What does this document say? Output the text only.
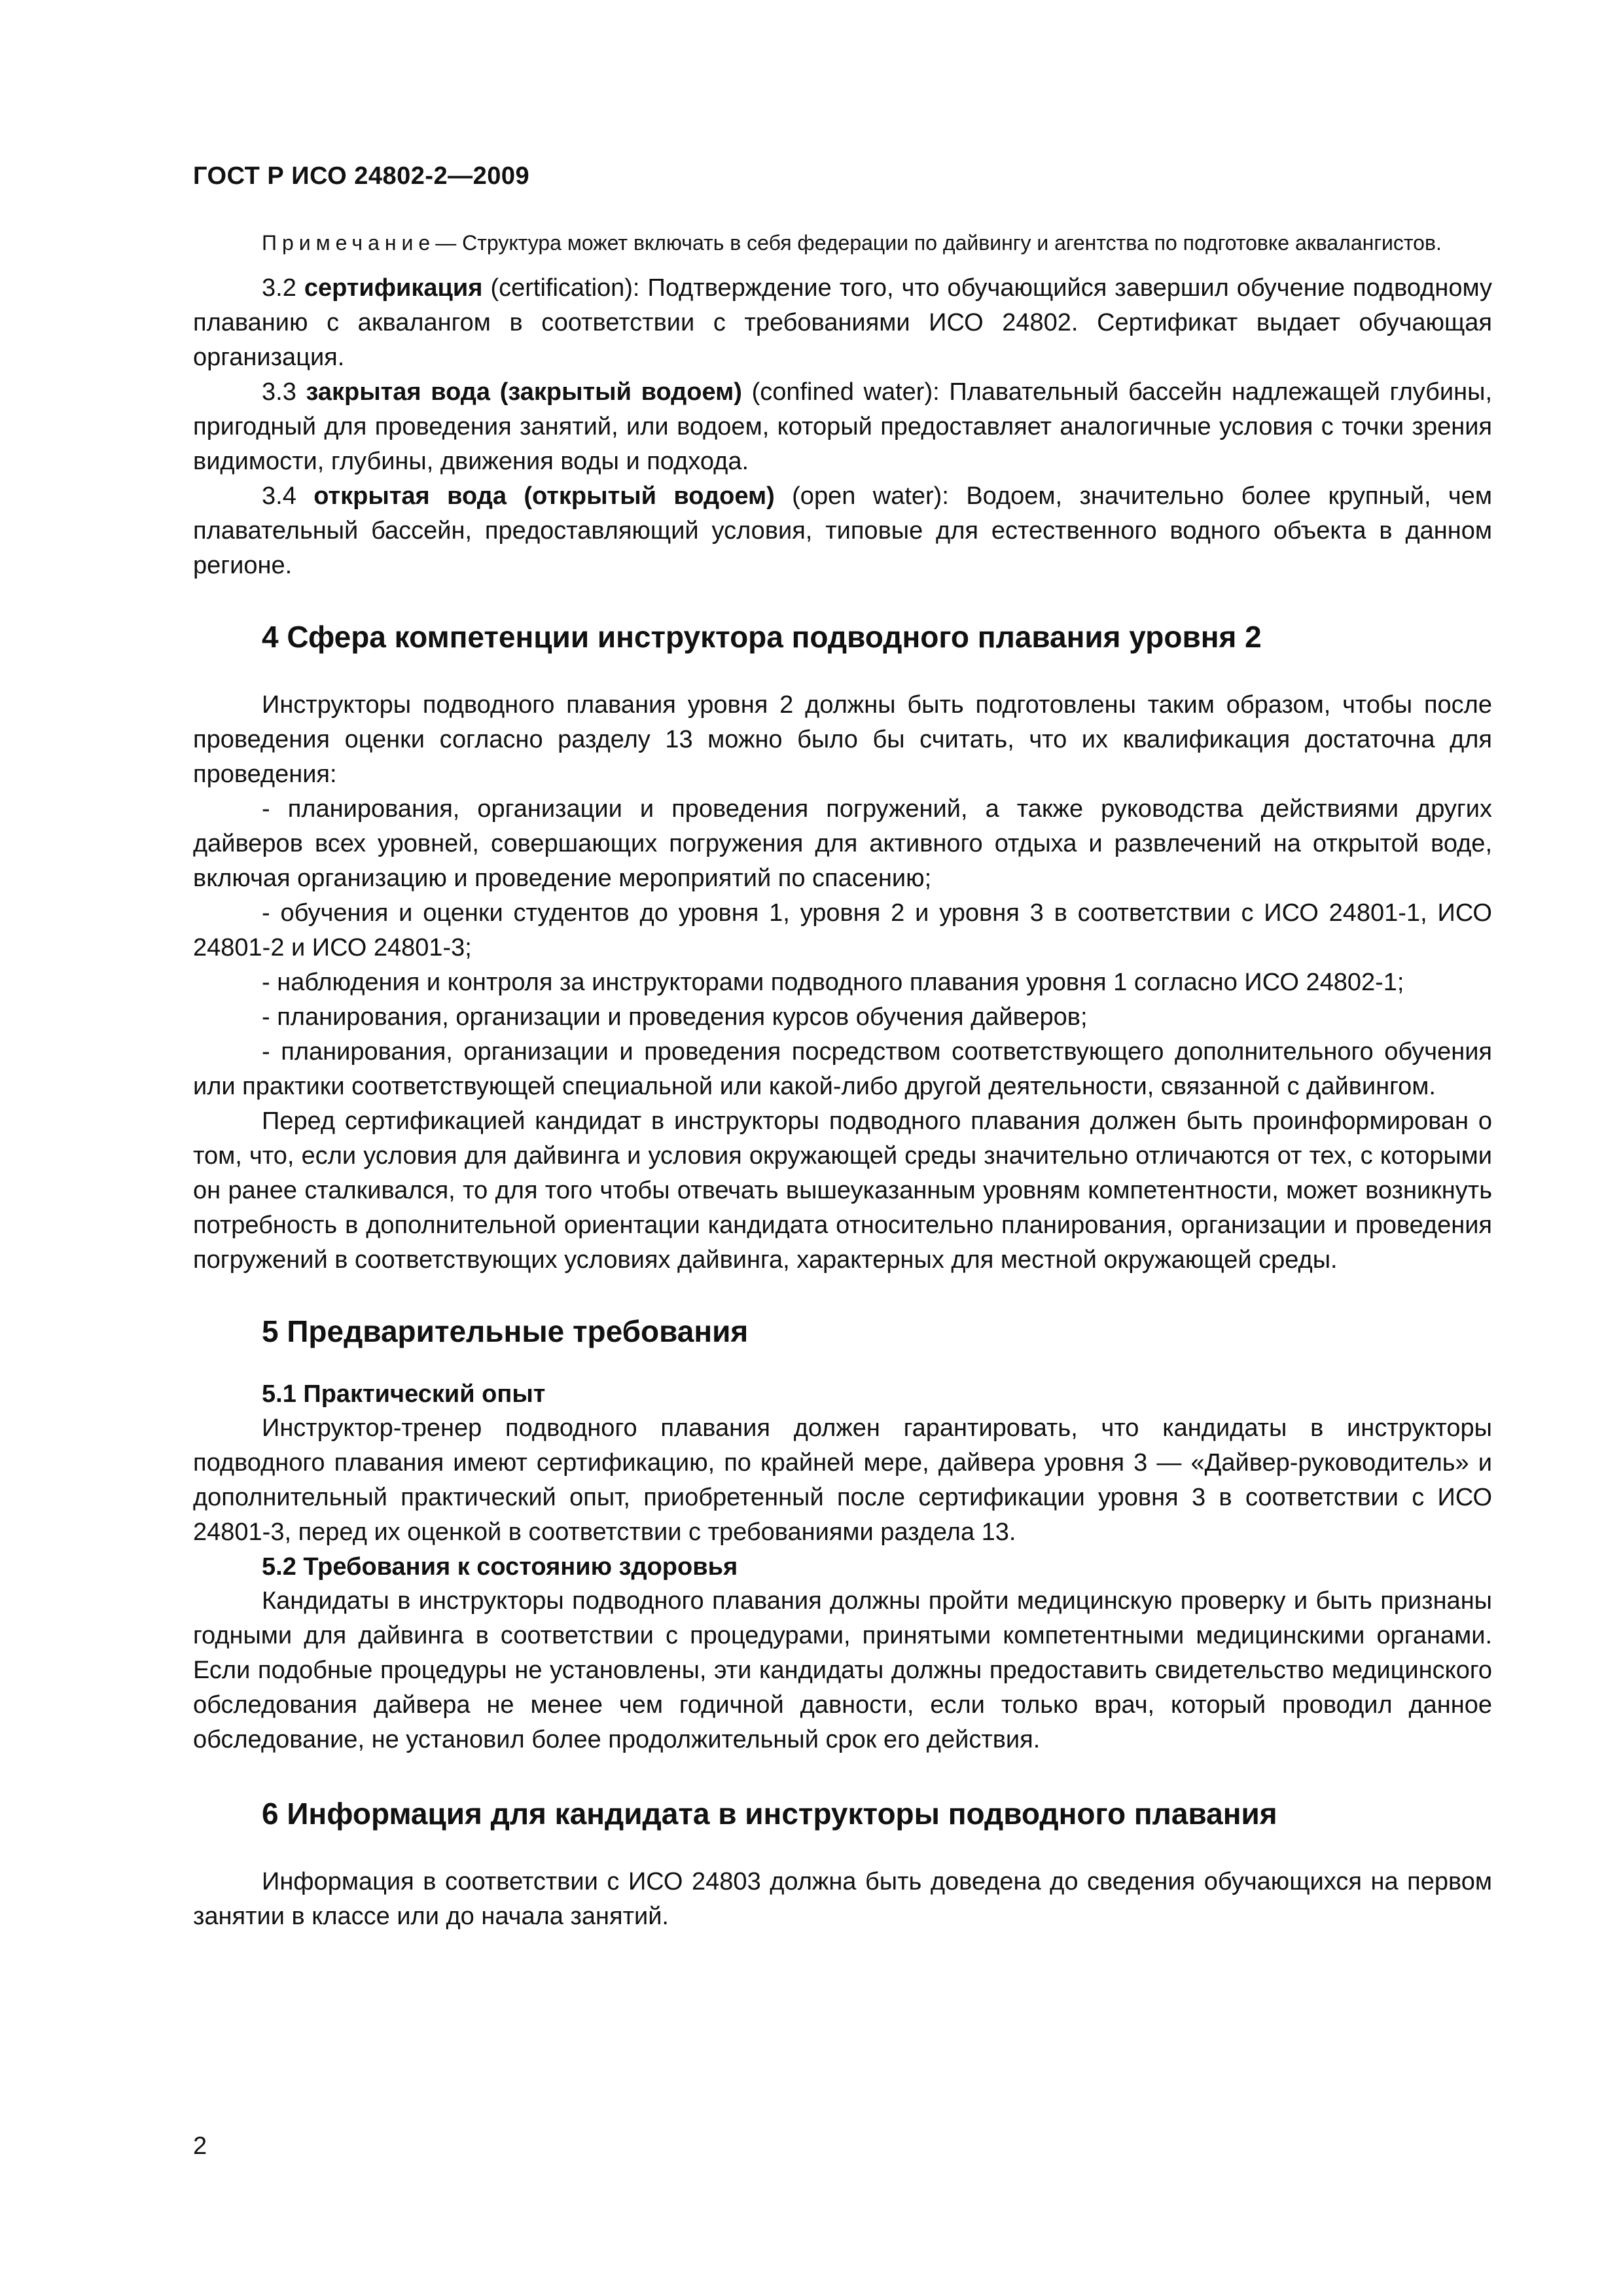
ГОСТ Р ИСО 24802-2—2009

Примечание— Структура может включать в себя федерации по дайвингу и агентства по подготовке аквалангистов.

3.2 сертификация (certification): Подтверждение того, что обучающийся завершил обучение подводному плаванию с аквалангом в соответствии с требованиями ИСО 24802. Сертификат выдает обучающая организация.

3.3 закрытая вода (закрытый водоем) (confined water): Плавательный бассейн надлежащей глубины, пригодный для проведения занятий, или водоем, который предоставляет аналогичные условия с точки зрения видимости, глубины, движения воды и подхода.

3.4 открытая вода (открытый водоем) (open water): Водоем, значительно более крупный, чем плавательный бассейн, предоставляющий условия, типовые для естественного водного объекта в данном регионе.

4 Сфера компетенции инструктора подводного плавания уровня 2

Инструкторы подводного плавания уровня 2 должны быть подготовлены таким образом, чтобы после проведения оценки согласно разделу 13 можно было бы считать, что их квалификация достаточна для проведения:

- планирования, организации и проведения погружений, а также руководства действиями других дайверов всех уровней, совершающих погружения для активного отдыха и развлечений на открытой воде, включая организацию и проведение мероприятий по спасению;

- обучения и оценки студентов до уровня 1, уровня 2 и уровня 3 в соответствии с ИСО 24801-1, ИСО 24801-2 и ИСО 24801-3;

- наблюдения и контроля за инструкторами подводного плавания уровня 1 согласно ИСО 24802-1;

- планирования, организации и проведения курсов обучения дайверов;

- планирования, организации и проведения посредством соответствующего дополнительного обучения или практики соответствующей специальной или какой-либо другой деятельности, связанной с дайвингом.

Перед сертификацией кандидат в инструкторы подводного плавания должен быть проинформирован о том, что, если условия для дайвинга и условия окружающей среды значительно отличаются от тех, с которыми он ранее сталкивался, то для того чтобы отвечать вышеуказанным уровням компетентности, может возникнуть потребность в дополнительной ориентации кандидата относительно планирования, организации и проведения погружений в соответствующих условиях дайвинга, характерных для местной окружающей среды.

5 Предварительные требования
5.1 Практический опыт

Инструктор-тренер подводного плавания должен гарантировать, что кандидаты в инструкторы подводного плавания имеют сертификацию, по крайней мере, дайвера уровня 3 — «Дайвер-руководитель» и дополнительный практический опыт, приобретенный после сертификации уровня 3 в соответствии с ИСО 24801-3, перед их оценкой в соответствии с требованиями раздела 13.

5.2 Требования к состоянию здоровья

Кандидаты в инструкторы подводного плавания должны пройти медицинскую проверку и быть признаны годными для дайвинга в соответствии с процедурами, принятыми компетентными медицинскими органами. Если подобные процедуры не установлены, эти кандидаты должны предоставить свидетельство медицинского обследования дайвера не менее чем годичной давности, если только врач, который проводил данное обследование, не установил более продолжительный срок его действия.

6 Информация для кандидата в инструкторы подводного плавания

Информация в соответствии с ИСО 24803 должна быть доведена до сведения обучающихся на первом занятии в классе или до начала занятий.

2
